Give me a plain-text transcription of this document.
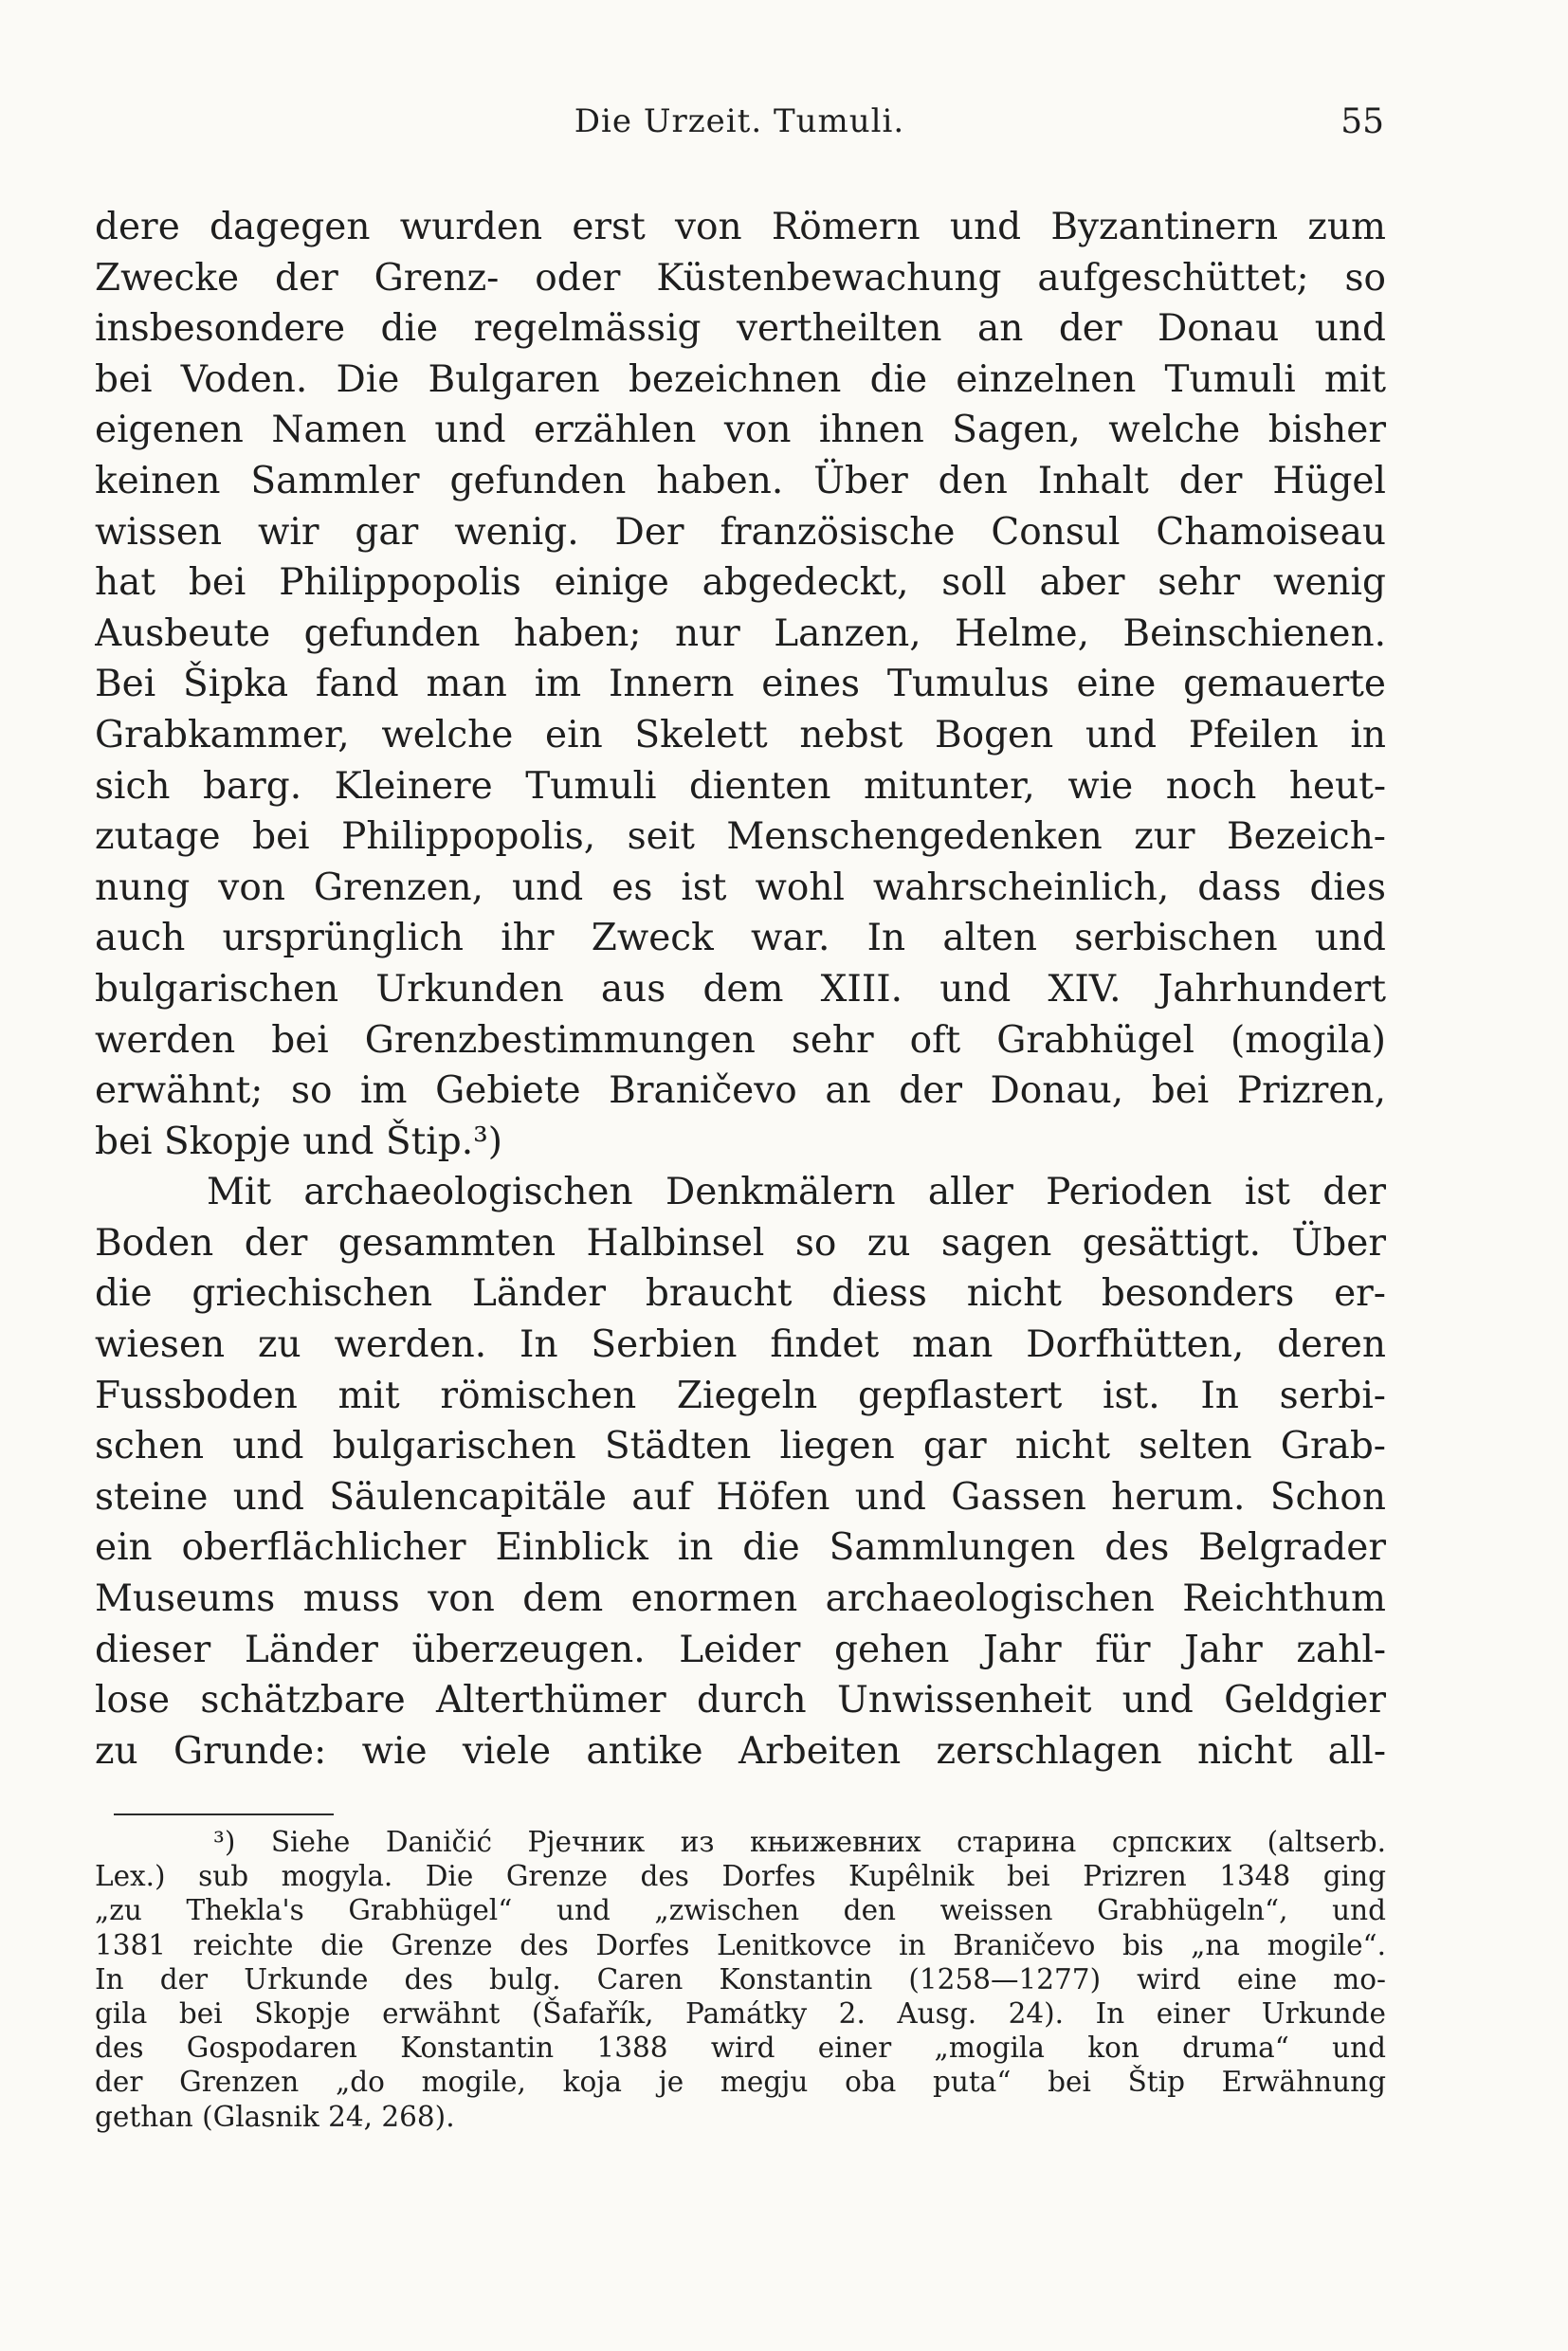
Die Urzeit. Tumuli.	55
dere dagegen wurden erst von Römern und Byzantinern zum
Zwecke der Grenz- oder Küstenbewachung aufgeschüttet; so
insbesondere die regelmässig vertheilten an der Donau und
bei Voden. Die Bulgaren bezeichnen die einzelnen Tumuli mit
eigenen Namen und erzählen von ihnen Sagen, welche bisher
keinen Sammler gefunden haben. Über den Inhalt der Hügel
wissen wir gar wenig. Der französische Consul Chamoiseau
hat bei Philippopolis einige abgedeckt, soll aber sehr wenig
Ausbeute gefunden haben; nur Lanzen, Helme, Beinschienen.
Bei Šipka fand man im Innern eines Tumulus eine gemauerte
Grabkammer, welche ein Skelett nebst Bogen und Pfeilen in
sich barg. Kleinere Tumuli dienten mitunter, wie noch heut-
zutage bei Philippopolis, seit Menschengedenken zur Bezeich-
nung von Grenzen, und es ist wohl wahrscheinlich, dass dies
auch ursprünglich ihr Zweck war. In alten serbischen und
bulgarischen Urkunden aus dem XIII. und XIV. Jahrhundert
werden bei Grenzbestimmungen sehr oft Grabhügel (mogila)
erwähnt; so im Gebiete Braničevo an der Donau, bei Prizren,
bei Skopje und Štip.³)
Mit archaeologischen Denkmälern aller Perioden ist der
Boden der gesammten Halbinsel so zu sagen gesättigt. Über
die griechischen Länder braucht diess nicht besonders er-
wiesen zu werden. In Serbien findet man Dorfhütten, deren
Fussboden mit römischen Ziegeln gepflastert ist. In serbi-
schen und bulgarischen Städten liegen gar nicht selten Grab-
steine und Säulencapitäle auf Höfen und Gassen herum. Schon
ein oberflächlicher Einblick in die Sammlungen des Belgrader
Museums muss von dem enormen archaeologischen Reichthum
dieser Länder überzeugen. Leider gehen Jahr für Jahr zahl-
lose schätzbare Alterthümer durch Unwissenheit und Geldgier
zu Grunde: wie viele antike Arbeiten zerschlagen nicht all-
³) Siehe Daničić Рјечник из књижевних старина српских (altserb.
Lex.) sub mogyla. Die Grenze des Dorfes Kupêlnik bei Prizren 1348 ging
„zu Thekla's Grabhügel“ und „zwischen den weissen Grabhügeln“, und
1381 reichte die Grenze des Dorfes Lenitkovce in Braničevo bis „na mogile“.
In der Urkunde des bulg. Caren Konstantin (1258—1277) wird eine mo-
gila bei Skopje erwähnt (Šafařík, Památky 2. Ausg. 24). In einer Urkunde
des Gospodaren Konstantin 1388 wird einer „mogila kon druma“ und
der Grenzen „do mogile, koja je megju oba puta“ bei Štip Erwähnung
gethan (Glasnik 24, 268).
